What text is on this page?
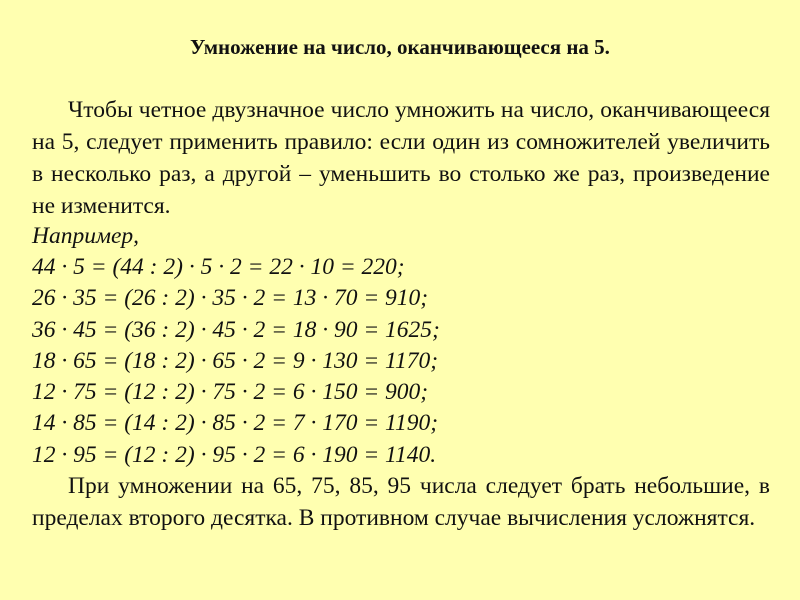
Умножение на число, оканчивающееся на 5.

Чтобы четное двузначное число умножить на число, оканчивающееся на 5, следует применить правило: если один из сомножителей увеличить в несколько раз, а другой – уменьшить во столько же раз, произведение не изменится.

Например,

44 · 5 = (44 : 2) · 5 · 2 = 22 · 10 = 220;
26 · 35 = (26 : 2) · 35 · 2 = 13 · 70 = 910;
36 · 45 = (36 : 2) · 45 · 2 = 18 · 90 = 1625;
18 · 65 = (18 : 2) · 65 · 2 = 9 · 130 = 1170;
12 · 75 = (12 : 2) · 75 · 2 = 6 · 150 = 900;
14 · 85 = (14 : 2) · 85 · 2 = 7 · 170 = 1190;
12 · 95 = (12 : 2) · 95 · 2 = 6 · 190 = 1140.

При умножении на 65, 75, 85, 95 числа следует брать небольшие, в пределах второго десятка. В противном случае вычисления усложнятся.
